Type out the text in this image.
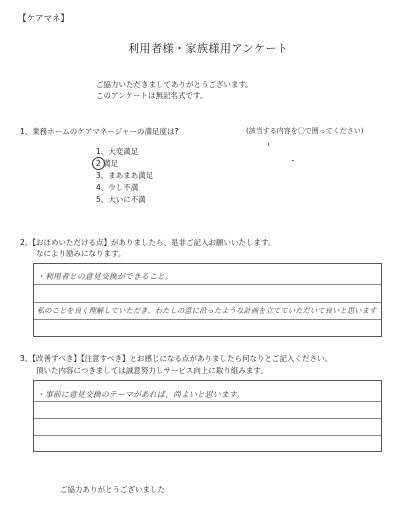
【ケアマネ】
利用者様・家族様用アンケート
ご協力いただきましてありがとうございます。
このアンケートは無記名式です。
1、業務ホームのケアマネージャーの満足度は?	(該当する内容を〇で囲ってください)
1、大変満足
2 満足
3、まあまあ満足
4、少し不満
5、大いに不満
2、【おほめいただける点】がありましたら、是非ご記入お願いいたします。
なにより励みになります。
・利用者との意見交換ができること。
私のことを良く理解していただき、わたしの意に沿ったような計画を立てていただいて良いと思います
3、【改善すべき】【注意すべき】とお感じになる点がありましたら何なりとご記入ください。
頂いた内容につきましては誠意努力しサービス向上に取り組みます。
・事前に意見交換のテーマがあれば、尚よいと思います。
ご協力ありがとうございました
